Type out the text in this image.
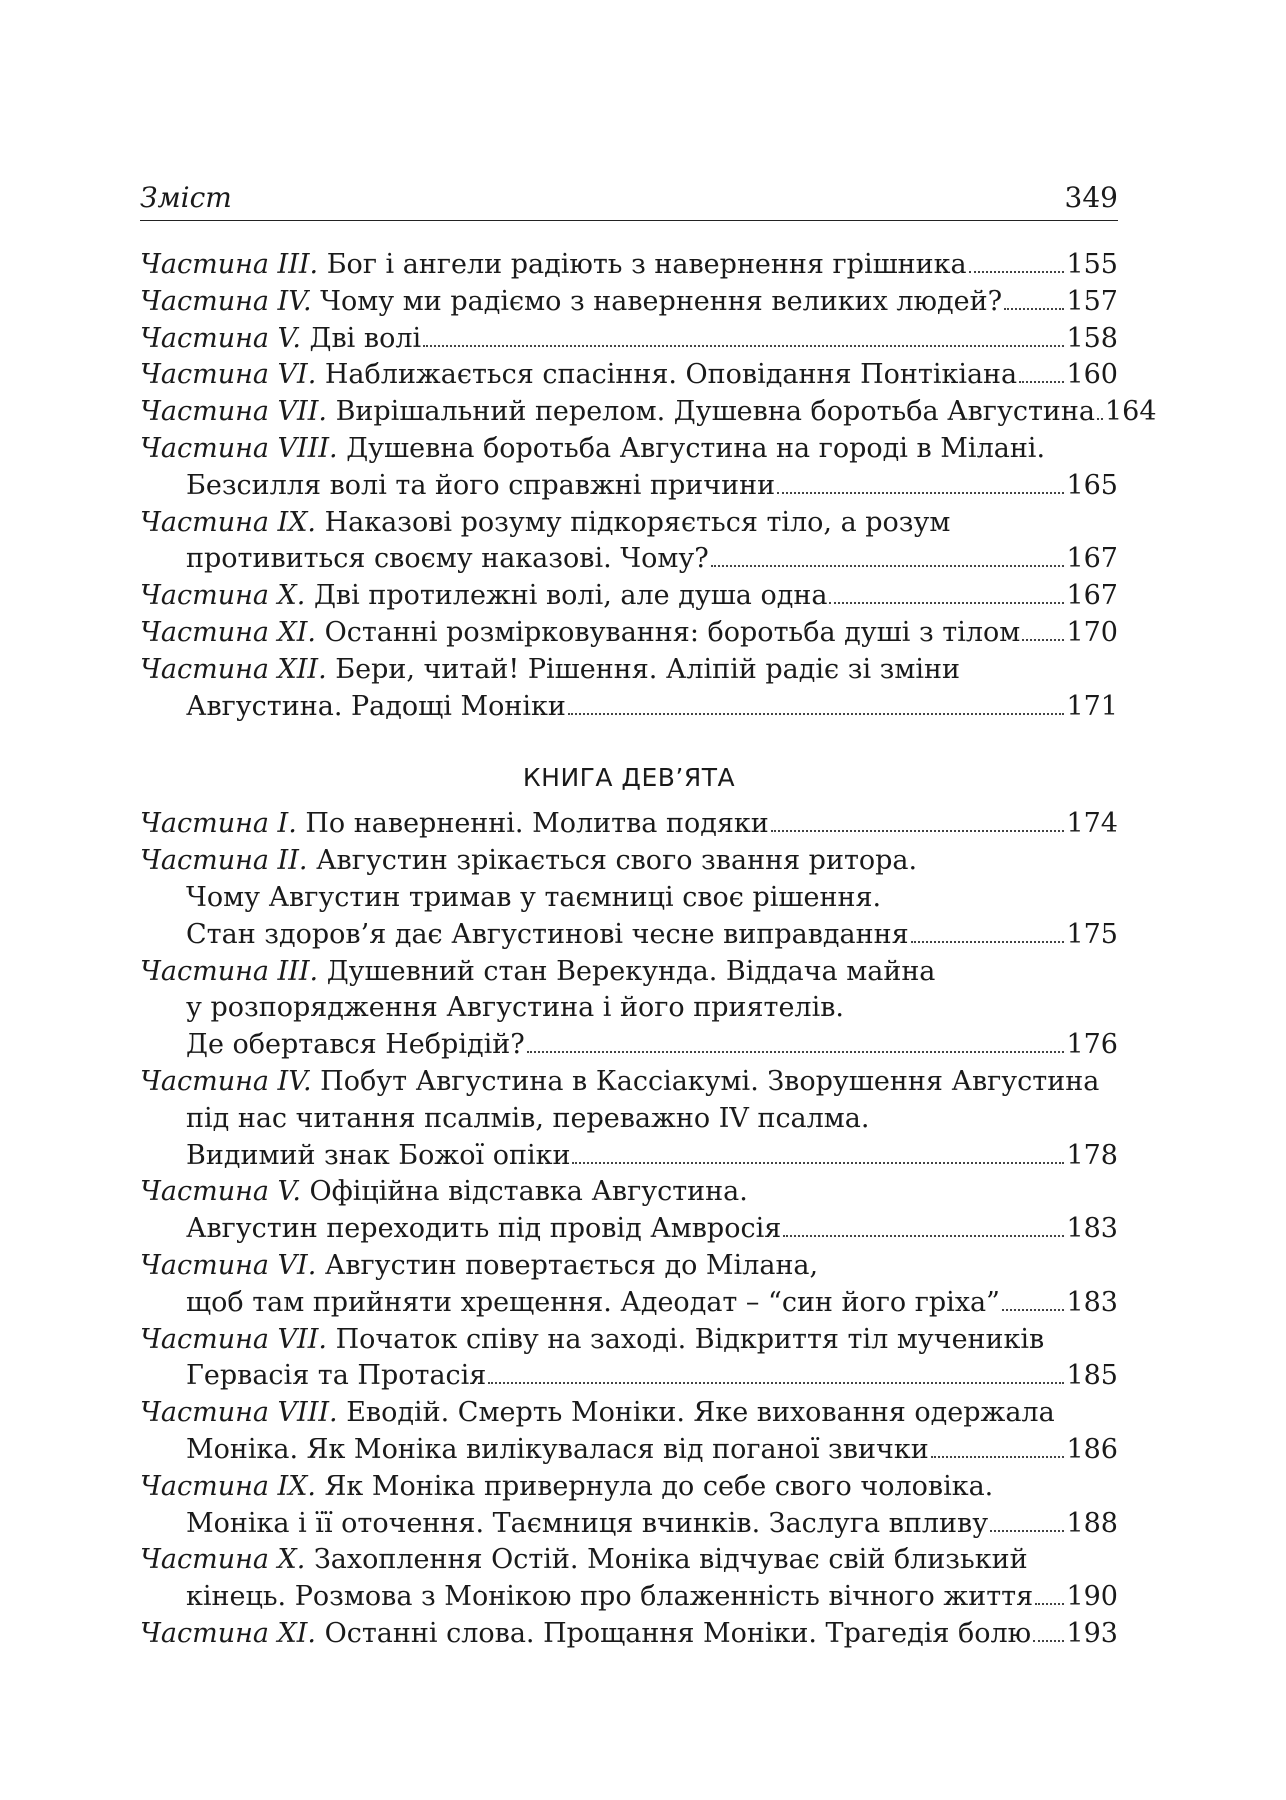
Зміст	349
Частина III. Бог і ангели радіють з навернення грішника	155
Частина IV. Чому ми радіємо з навернення великих людей? 157
Частина V. Дві волі	158
Частина VI. Наближається спасіння. Оповідання Понтікіана 160
Частина VII. Вирішальний перелом. Душевна боротьба Августина 164
Частина VIII. Душевна боротьба Августина на городі в Мілані.
Безсилля волі та його справжні причини	165
Частина IX. Наказові розуму підкоряється тіло, а розум
противиться своєму наказові. Чому?	167
Частина X. Дві протилежні волі, але душа одна	167
Частина XI. Останні розмірковування: боротьба душі з тілом 170
Частина XII. Бери, читай! Рішення. Аліпій радіє зі зміни
Августина. Радощі Моніки	171
КНИГА ДЕВ’ЯТА
Частина I. По наверненні. Молитва подяки	174
Частина II. Августин зрікається свого звання ритора.
Чому Августин тримав у таємниці своє рішення.
Стан здоров’я дає Августинові чесне виправдання	175
Частина III. Душевний стан Верекунда. Віддача майна
у розпорядження Августина і його приятелів.
Де обертався Небрідій?	176
Частина IV. Побут Августина в Кассіакумі. Зворушення Августина
під нас читання псалмів, переважно IV псалма.
Видимий знак Божої опіки	178
Частина V. Офіційна відставка Августина.
Августин переходить під провід Амвросія	183
Частина VI. Августин повертається до Мілана,
щоб там прийняти хрещення. Адеодат – “син його гріха” 183
Частина VII. Початок співу на заході. Відкриття тіл мучеників
Гервасія та Протасія	185
Частина VIII. Еводій. Смерть Моніки. Яке виховання одержала
Моніка. Як Моніка вилікувалася від поганої звички	186
Частина IX. Як Моніка привернула до себе свого чоловіка.
Моніка і її оточення. Таємниця вчинків. Заслуга впливу	188
Частина X. Захоплення Остій. Моніка відчуває свій близький
кінець. Розмова з Монікою про блаженність вічного життя 190
Частина XI. Останні слова. Прощання Моніки. Трагедія болю 193
